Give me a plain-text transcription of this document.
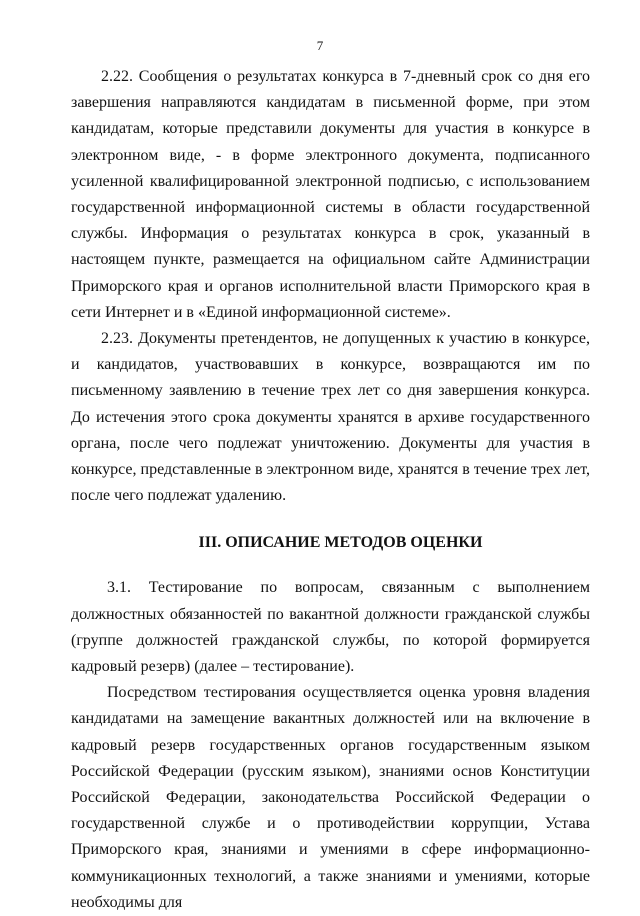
7

2.22. Сообщения о результатах конкурса в 7-дневный срок со дня его завершения направляются кандидатам в письменной форме, при этом кандидатам, которые представили документы для участия в конкурсе в электронном виде, - в форме электронного документа, подписанного усиленной квалифицированной электронной подписью, с использованием государственной информационной системы в области государственной службы. Информация о результатах конкурса в срок, указанный в настоящем пункте, размещается на официальном сайте Администрации Приморского края и органов исполнительной власти Приморского края в сети Интернет и в «Единой информационной системе».

2.23. Документы претендентов, не допущенных к участию в конкурсе, и кандидатов, участвовавших в конкурсе, возвращаются им по письменному заявлению в течение трех лет со дня завершения конкурса. До истечения этого срока документы хранятся в архиве государственного органа, после чего подлежат уничтожению. Документы для участия в конкурсе, представленные в электронном виде, хранятся в течение трех лет, после чего подлежат удалению.

III. ОПИСАНИЕ МЕТОДОВ ОЦЕНКИ

3.1. Тестирование по вопросам, связанным с выполнением должностных обязанностей по вакантной должности гражданской службы (группе должностей гражданской службы, по которой формируется кадровый резерв) (далее – тестирование).

Посредством тестирования осуществляется оценка уровня владения кандидатами на замещение вакантных должностей или на включение в кадровый резерв государственных органов государственным языком Российской Федерации (русским языком), знаниями основ Конституции Российской Федерации, законодательства Российской Федерации о государственной службе и о противодействии коррупции, Устава Приморского края, знаниями и умениями в сфере информационно-коммуникационных технологий, а также знаниями и умениями, которые необходимы для
